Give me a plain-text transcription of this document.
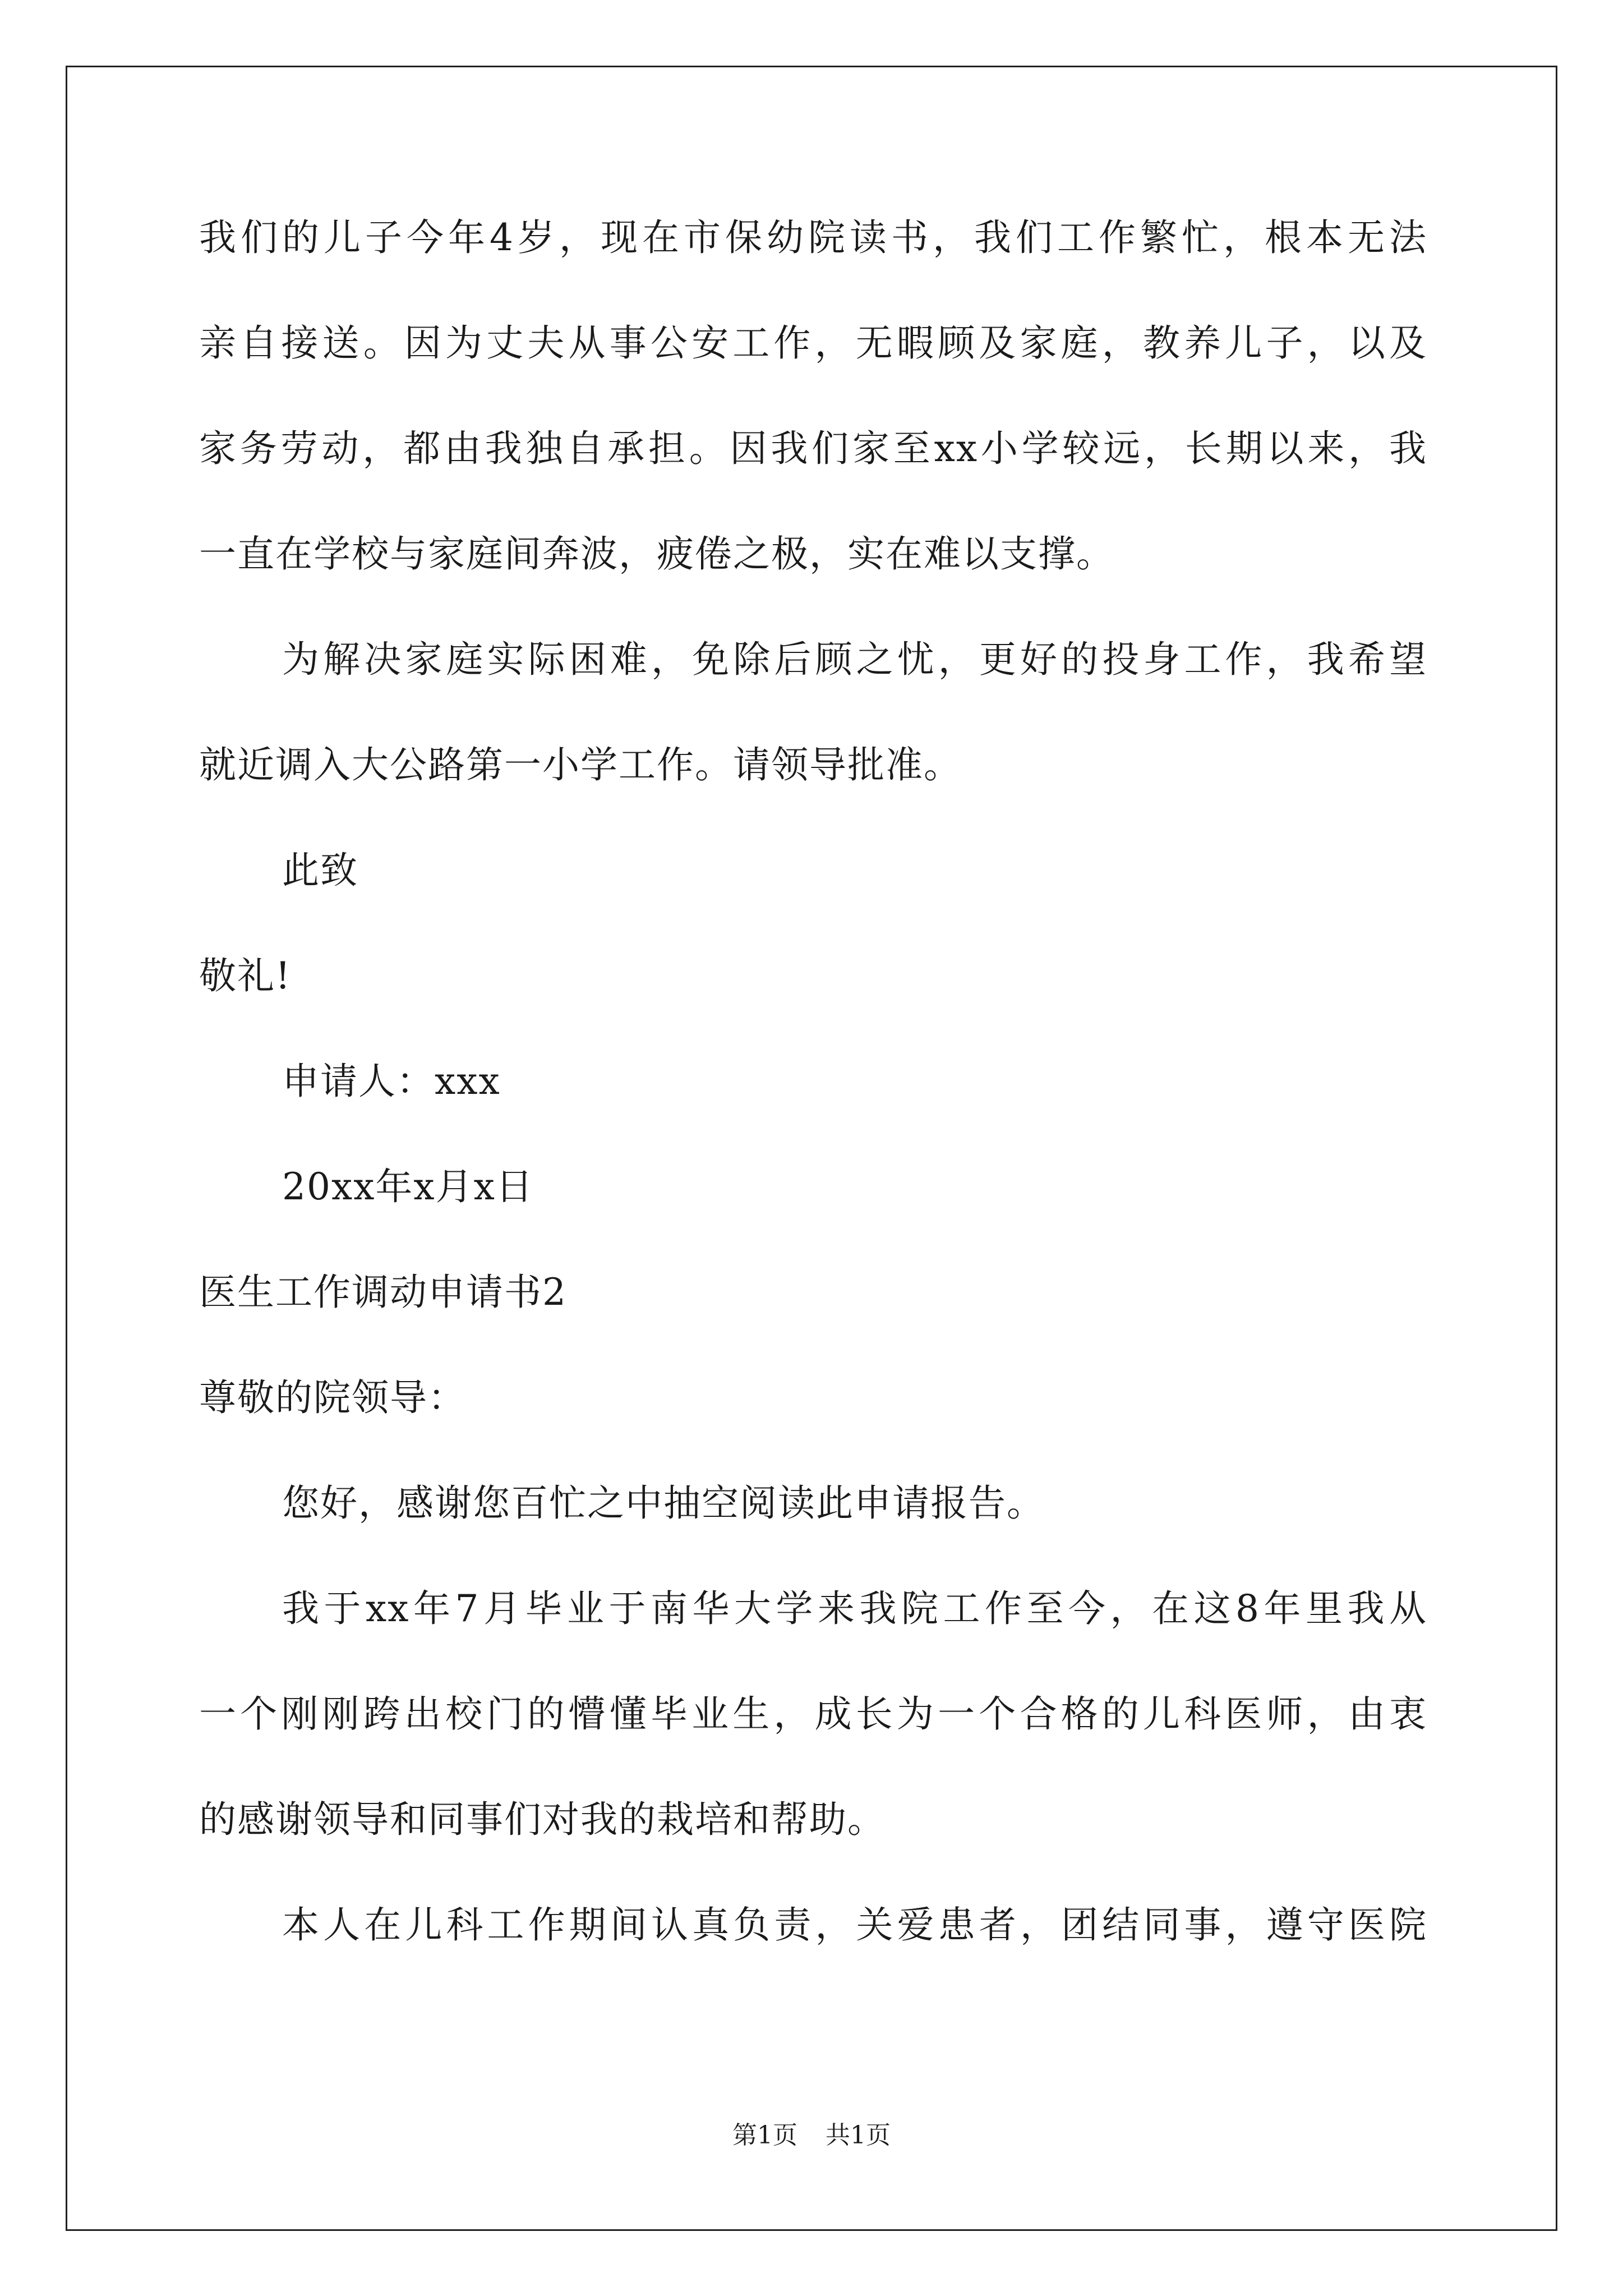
我们的儿子今年4岁，现在市保幼院读书，我们工作繁忙，根本无法
亲自接送。因为丈夫从事公安工作，无暇顾及家庭，教养儿子，以及
家务劳动，都由我独自承担。因我们家至xx小学较远，长期以来，我
一直在学校与家庭间奔波，疲倦之极，实在难以支撑。
为解决家庭实际困难，免除后顾之忧，更好的投身工作，我希望
就近调入大公路第一小学工作。请领导批准。
此致
敬礼!
申请人：xxx
20xx年x月x日
医生工作调动申请书2
尊敬的院领导：
您好，感谢您百忙之中抽空阅读此申请报告。
我于xx年7月毕业于南华大学来我院工作至今，在这8年里我从
一个刚刚跨出校门的懵懂毕业生，成长为一个合格的儿科医师，由衷
的感谢领导和同事们对我的栽培和帮助。
本人在儿科工作期间认真负责，关爱患者，团结同事，遵守医院
第1页 共1页
